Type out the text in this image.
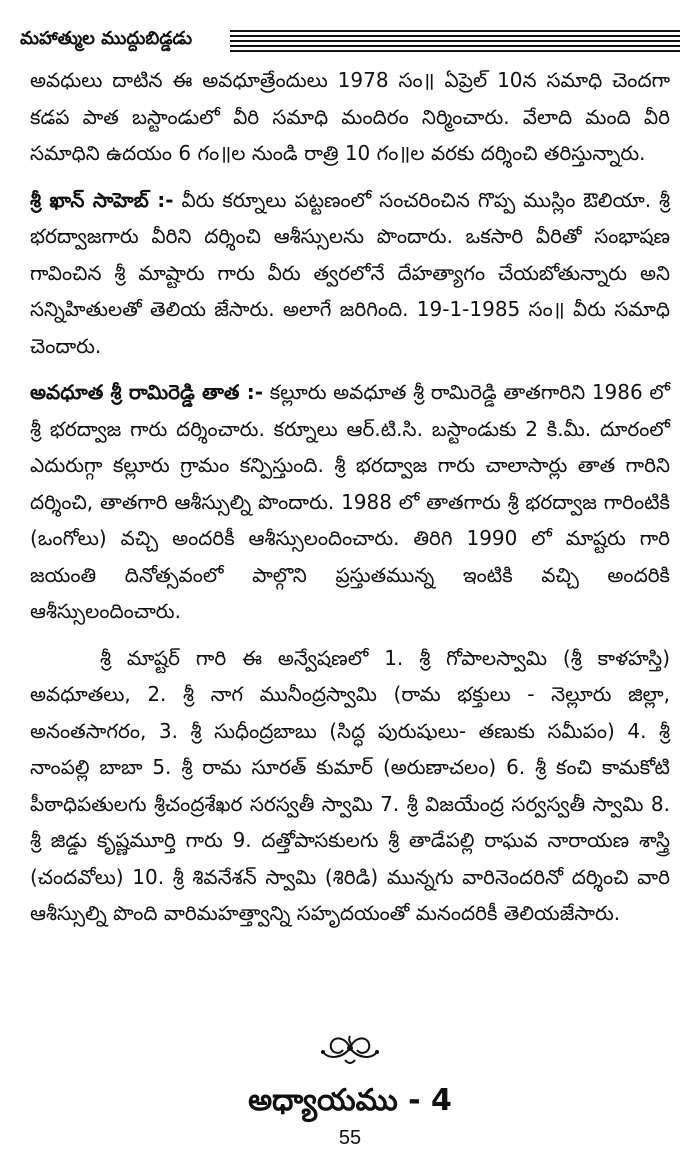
మహాత్ముల ముద్దుబిడ్డడు

అవధులు దాటిన ఈ అవధూత్రేందులు 1978 సం॥ ఏప్రెల్ 10న సమాధి చెందగా కడప పాత బస్టాండులో వీరి సమాధి మందిరం నిర్మించారు. వేలాది మంది వీరి సమాధిని ఉదయం 6 గం॥ల నుండి రాత్రి 10 గం॥ల వరకు దర్శించి తరిస్తున్నారు.

శ్రీ ఖాన్ సాహెబ్ :- వీరు కర్నూలు పట్టణంలో సంచరించిన గొప్ప ముస్లిం ఔలియా. శ్రీ భరద్వాజగారు వీరిని దర్శించి ఆశీస్సులను పొందారు. ఒకసారి వీరితో సంభాషణ గావించిన శ్రీ మాష్టారు గారు వీరు త్వరలోనే దేహత్యాగం చేయబోతున్నారు అని సన్నిహితులతో తెలియ జేసారు. అలాగే జరిగింది. 19-1-1985 సం॥ వీరు సమాధి చెందారు.

అవధూత శ్రీ రామిరెడ్డి తాత :- కల్లూరు అవధూత శ్రీ రామిరెడ్డి తాతగారిని 1986 లో శ్రీ భరద్వాజ గారు దర్శించారు. కర్నూలు ఆర్.టి.సి. బస్టాండుకు 2 కి.మీ. దూరంలో ఎదురుగ్గా కల్లూరు గ్రామం కన్పిస్తుంది. శ్రీ భరద్వాజ గారు చాలాసార్లు తాత గారిని దర్శించి, తాతగారి ఆశీస్సుల్ని పొందారు. 1988 లో తాతగారు శ్రీ భరద్వాజ గారింటికి (ఒంగోలు) వచ్చి అందరికీ ఆశీస్సులందించారు. తిరిగి 1990 లో మాష్టరు గారి జయంతి దినోత్సవంలో పాల్గొని ప్రస్తుతమున్న ఇంటికి వచ్చి అందరికి ఆశీస్సులందించారు.

శ్రీ మాష్టర్ గారి ఈ అన్వేషణలో 1. శ్రీ గోపాలస్వామి (శ్రీ కాళహస్తి) అవధూతలు, 2. శ్రీ నాగ మునీంద్రస్వామి (రామ భక్తులు - నెల్లూరు జిల్లా, అనంతసాగరం, 3. శ్రీ సుధీంద్రబాబు (సిద్ధ పురుషులు- తణుకు సమీపం) 4. శ్రీ నాంపల్లి బాబా 5. శ్రీ రామ సూరత్ కుమార్ (అరుణాచలం) 6. శ్రీ కంచి కామకోటి పీఠాధిపతులగు శ్రీచంద్రశేఖర సరస్వతీ స్వామి 7. శ్రీ విజయేంద్ర సర్వస్వతీ స్వామి 8. శ్రీ జిడ్డు కృష్ణమూర్తి గారు 9. దత్తోపాసకులగు శ్రీ తాడేపల్లి రాఘవ నారాయణ శాస్త్రి (చందవోలు) 10. శ్రీ శివనేశన్ స్వామి (శిరిడి) మున్నగు వారినెందరినో దర్శించి వారి ఆశీస్సుల్ని పొంది వారిమహత్త్వాన్ని సహృదయంతో మనందరికీ తెలియజేసారు.

అధ్యాయము - 4
55
